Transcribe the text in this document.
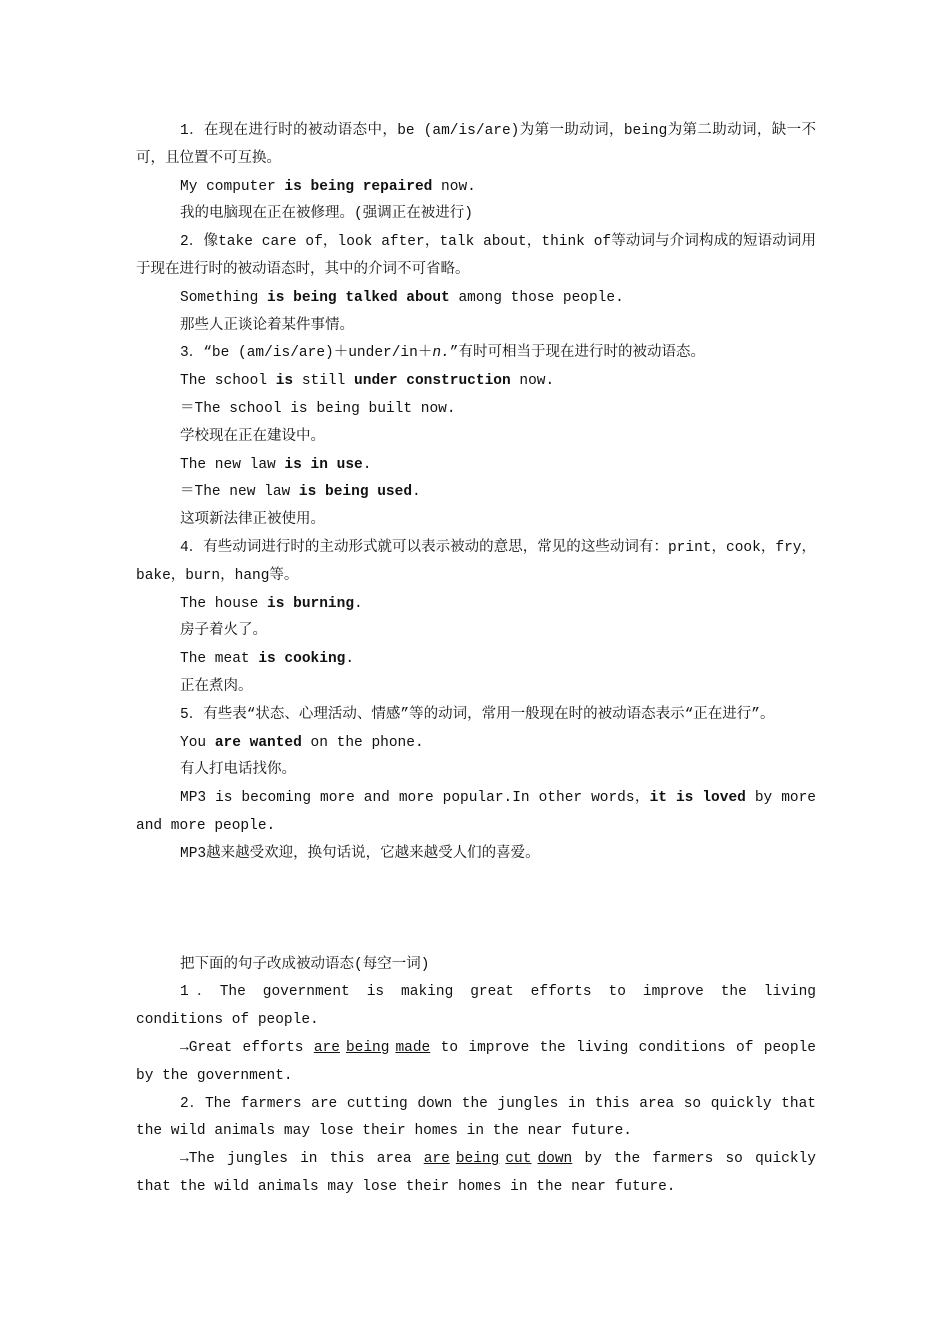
1．在现在进行时的被动语态中，be (am/is/are)为第一助动词，being为第二助动词，缺一不可，且位置不可互换。

My computer is being repaired now.

我的电脑现在正在被修理。(强调正在被进行)

2．像take care of，look after，talk about，think of等动词与介词构成的短语动词用于现在进行时的被动语态时，其中的介词不可省略。

Something is being talked about among those people.

那些人正谈论着某件事情。

3．“be (am/is/are)＋under/in＋n.”有时可相当于现在进行时的被动语态。

The school is still under construction now.

＝The school is being built now.

学校现在正在建设中。

The new law is in use.

＝The new law is being used.

这项新法律正被使用。

4．有些动词进行时的主动形式就可以表示被动的意思，常见的这些动词有：print，cook，fry，bake，burn，hang等。

The house is burning.

房子着火了。

The meat is cooking.

正在煮肉。

5．有些表“状态、心理活动、情感”等的动词，常用一般现在时的被动语态表示“正在进行”。

You are wanted on the phone.

有人打电话找你。

MP3 is becoming more and more popular.In other words，it is loved by more and more people.

MP3越来越受欢迎，换句话说，它越来越受人们的喜爱。

把下面的句子改成被动语态(每空一词)

1．The government is making great efforts to improve the living conditions of people.

→Great efforts are being made to improve the living conditions of people by the government.

2．The farmers are cutting down the jungles in this area so quickly that the wild animals may lose their homes in the near future.

→The jungles in this area are being cut down by the farmers so quickly that the wild animals may lose their homes in the near future.
